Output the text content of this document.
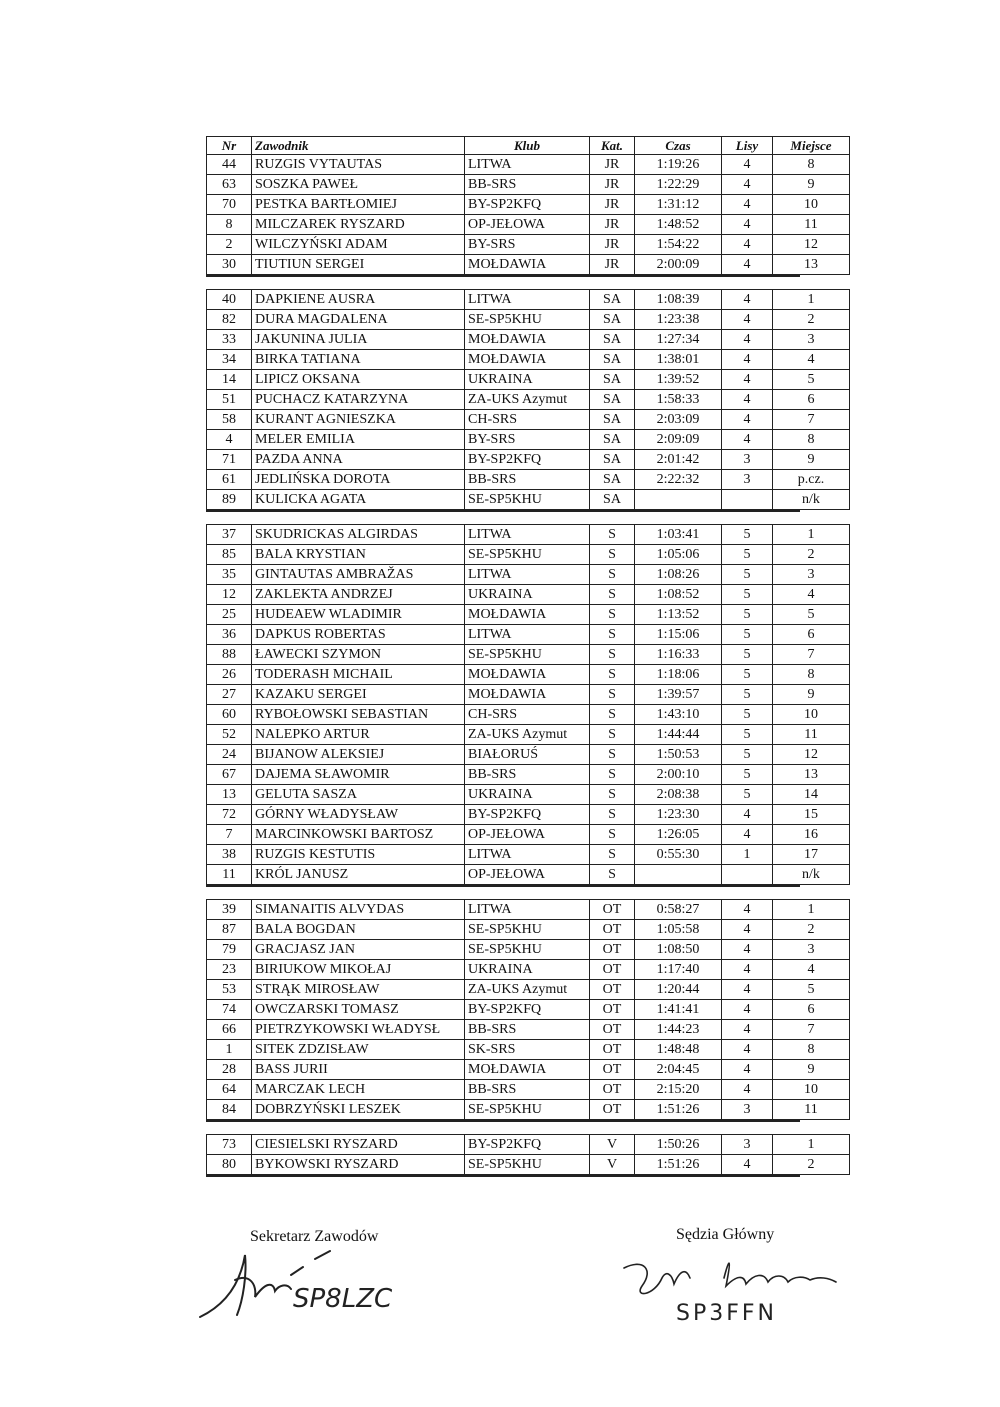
Nr	Zawodnik	Klub	Kat.	Czas	Lisy	Miejsce
44	RUZGIS VYTAUTAS	LITWA	JR	1:19:26	4	8
63	SOSZKA PAWEŁ	BB-SRS	JR	1:22:29	4	9
70	PESTKA BARTŁOMIEJ	BY-SP2KFQ	JR	1:31:12	4	10
8	MILCZAREK RYSZARD	OP-JEŁOWA	JR	1:48:52	4	11
2	WILCZYŃSKI ADAM	BY-SRS	JR	1:54:22	4	12
30	TIUTIUN SERGEI	MOŁDAWIA	JR	2:00:09	4	13
40	DAPKIENE AUSRA	LITWA	SA	1:08:39	4	1
82	DURA MAGDALENA	SE-SP5KHU	SA	1:23:38	4	2
33	JAKUNINA JULIA	MOŁDAWIA	SA	1:27:34	4	3
34	BIRKA TATIANA	MOŁDAWIA	SA	1:38:01	4	4
14	LIPICZ OKSANA	UKRAINA	SA	1:39:52	4	5
51	PUCHACZ KATARZYNA	ZA-UKS Azymut	SA	1:58:33	4	6
58	KURANT AGNIESZKA	CH-SRS	SA	2:03:09	4	7
4	MELER EMILIA	BY-SRS	SA	2:09:09	4	8
71	PAZDA ANNA	BY-SP2KFQ	SA	2:01:42	3	9
61	JEDLIŃSKA DOROTA	BB-SRS	SA	2:22:32	3	p.cz.
89	KULICKA AGATA	SE-SP5KHU	SA			n/k
37	SKUDRICKAS ALGIRDAS	LITWA	S	1:03:41	5	1
85	BALA KRYSTIAN	SE-SP5KHU	S	1:05:06	5	2
35	GINTAUTAS AMBRAŽAS	LITWA	S	1:08:26	5	3
12	ZAKLEKTA ANDRZEJ	UKRAINA	S	1:08:52	5	4
25	HUDEAEW WLADIMIR	MOŁDAWIA	S	1:13:52	5	5
36	DAPKUS ROBERTAS	LITWA	S	1:15:06	5	6
88	ŁAWECKI SZYMON	SE-SP5KHU	S	1:16:33	5	7
26	TODERASH MICHAIL	MOŁDAWIA	S	1:18:06	5	8
27	KAZAKU SERGEI	MOŁDAWIA	S	1:39:57	5	9
60	RYBOŁOWSKI SEBASTIAN	CH-SRS	S	1:43:10	5	10
52	NALEPKO ARTUR	ZA-UKS Azymut	S	1:44:44	5	11
24	BIJANOW ALEKSIEJ	BIAŁORUŚ	S	1:50:53	5	12
67	DAJEMA SŁAWOMIR	BB-SRS	S	2:00:10	5	13
13	GELUTA SASZA	UKRAINA	S	2:08:38	5	14
72	GÓRNY WŁADYSŁAW	BY-SP2KFQ	S	1:23:30	4	15
7	MARCINKOWSKI BARTOSZ	OP-JEŁOWA	S	1:26:05	4	16
38	RUZGIS KESTUTIS	LITWA	S	0:55:30	1	17
11	KRÓL JANUSZ	OP-JEŁOWA	S			n/k
39	SIMANAITIS ALVYDAS	LITWA	OT	0:58:27	4	1
87	BALA BOGDAN	SE-SP5KHU	OT	1:05:58	4	2
79	GRACJASZ JAN	SE-SP5KHU	OT	1:08:50	4	3
23	BIRIUKOW MIKOŁAJ	UKRAINA	OT	1:17:40	4	4
53	STRĄK MIROSŁAW	ZA-UKS Azymut	OT	1:20:44	4	5
74	OWCZARSKI TOMASZ	BY-SP2KFQ	OT	1:41:41	4	6
66	PIETRZYKOWSKI WŁADYSŁ	BB-SRS	OT	1:44:23	4	7
1	SITEK ZDZISŁAW	SK-SRS	OT	1:48:48	4	8
28	BASS JURII	MOŁDAWIA	OT	2:04:45	4	9
64	MARCZAK LECH	BB-SRS	OT	2:15:20	4	10
84	DOBRZYŃSKI LESZEK	SE-SP5KHU	OT	1:51:26	3	11
73	CIESIELSKI RYSZARD	BY-SP2KFQ	V	1:50:26	3	1
80	BYKOWSKI RYSZARD	SE-SP5KHU	V	1:51:26	4	2
Sekretarz Zawodów
SP8LZC
Sędzia Główny
SP3FFN
